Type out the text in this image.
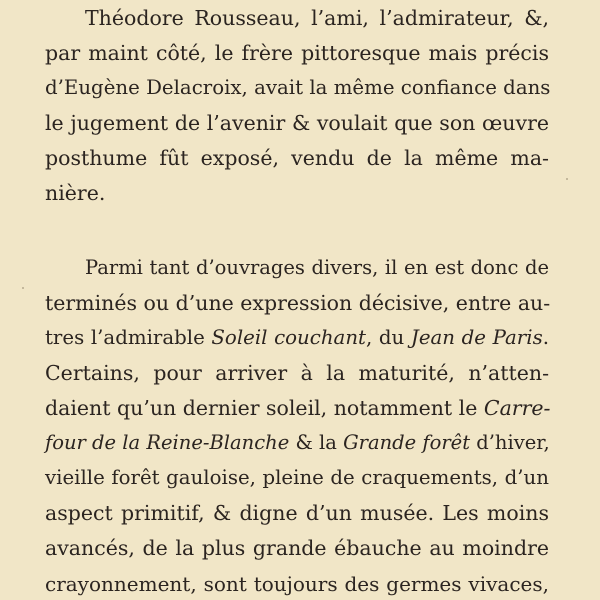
Théodore Rousseau, l’ami, l’admirateur, &,
par maint côté, le frère pittoresque mais précis
d’Eugène Delacroix, avait la même confiance dans
le jugement de l’avenir & voulait que son œuvre
posthume fût exposé, vendu de la même ma-
nière.
Parmi tant d’ouvrages divers, il en est donc de
terminés ou d’une expression décisive, entre au-
tres l’admirable Soleil couchant, du Jean de Paris.
Certains, pour arriver à la maturité, n’atten-
daient qu’un dernier soleil, notamment le Carre-
four de la Reine-Blanche & la Grande forêt d’hiver,
vieille forêt gauloise, pleine de craquements, d’un
aspect primitif, & digne d’un musée. Les moins
avancés, de la plus grande ébauche au moindre
crayonnement, sont toujours des germes vivaces,
